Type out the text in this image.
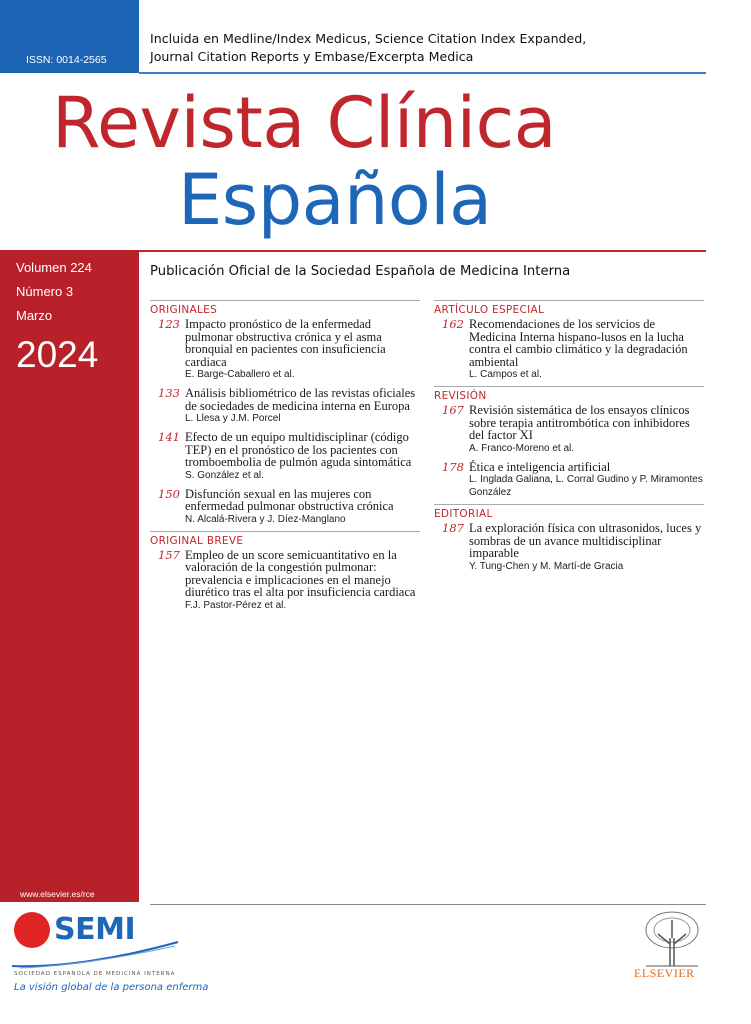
ISSN: 0014-2565
Incluida en Medline/Index Medicus, Science Citation Index Expanded,
Journal Citation Reports y Embase/Excerpta Medica
Revista Clínica
Española
Volumen 224
Número 3
Marzo
2024
www.elsevier.es/rce
Publicación Oficial de la Sociedad Española de Medicina Interna
ORIGINALES
123 Impacto pronóstico de la enfermedad pulmonar obstructiva crónica y el asma bronquial en pacientes con insuficiencia cardiaca
E. Barge-Caballero et al.
133 Análisis bibliométrico de las revistas oficiales de sociedades de medicina interna en Europa
L. Llesa y J.M. Porcel
141 Efecto de un equipo multidisciplinar (código TEP) en el pronóstico de los pacientes con tromboembolia de pulmón aguda sintomática
S. González et al.
150 Disfunción sexual en las mujeres con enfermedad pulmonar obstructiva crónica
N. Alcalá-Rivera y J. Díez-Manglano
ORIGINAL BREVE
157 Empleo de un score semicuantitativo en la valoración de la congestión pulmonar: prevalencia e implicaciones en el manejo diurético tras el alta por insuficiencia cardiaca
F.J. Pastor-Pérez et al.
ARTÍCULO ESPECIAL
162 Recomendaciones de los servicios de Medicina Interna hispano-lusos en la lucha contra el cambio climático y la degradación ambiental
L. Campos et al.
REVISIÓN
167 Revisión sistemática de los ensayos clínicos sobre terapia antitrombótica con inhibidores del factor XI
A. Franco-Moreno et al.
178 Ética e inteligencia artificial
L. Inglada Galiana, L. Corral Gudino y P. Miramontes González
EDITORIAL
187 La exploración física con ultrasonidos, luces y sombras de un avance multidisciplinar imparable
Y. Tung-Chen y M. Martí-de Gracia
SEMI
SOCIEDAD ESPAÑOLA DE MEDICINA INTERNA
La visión global de la persona enferma
ELSEVIER
